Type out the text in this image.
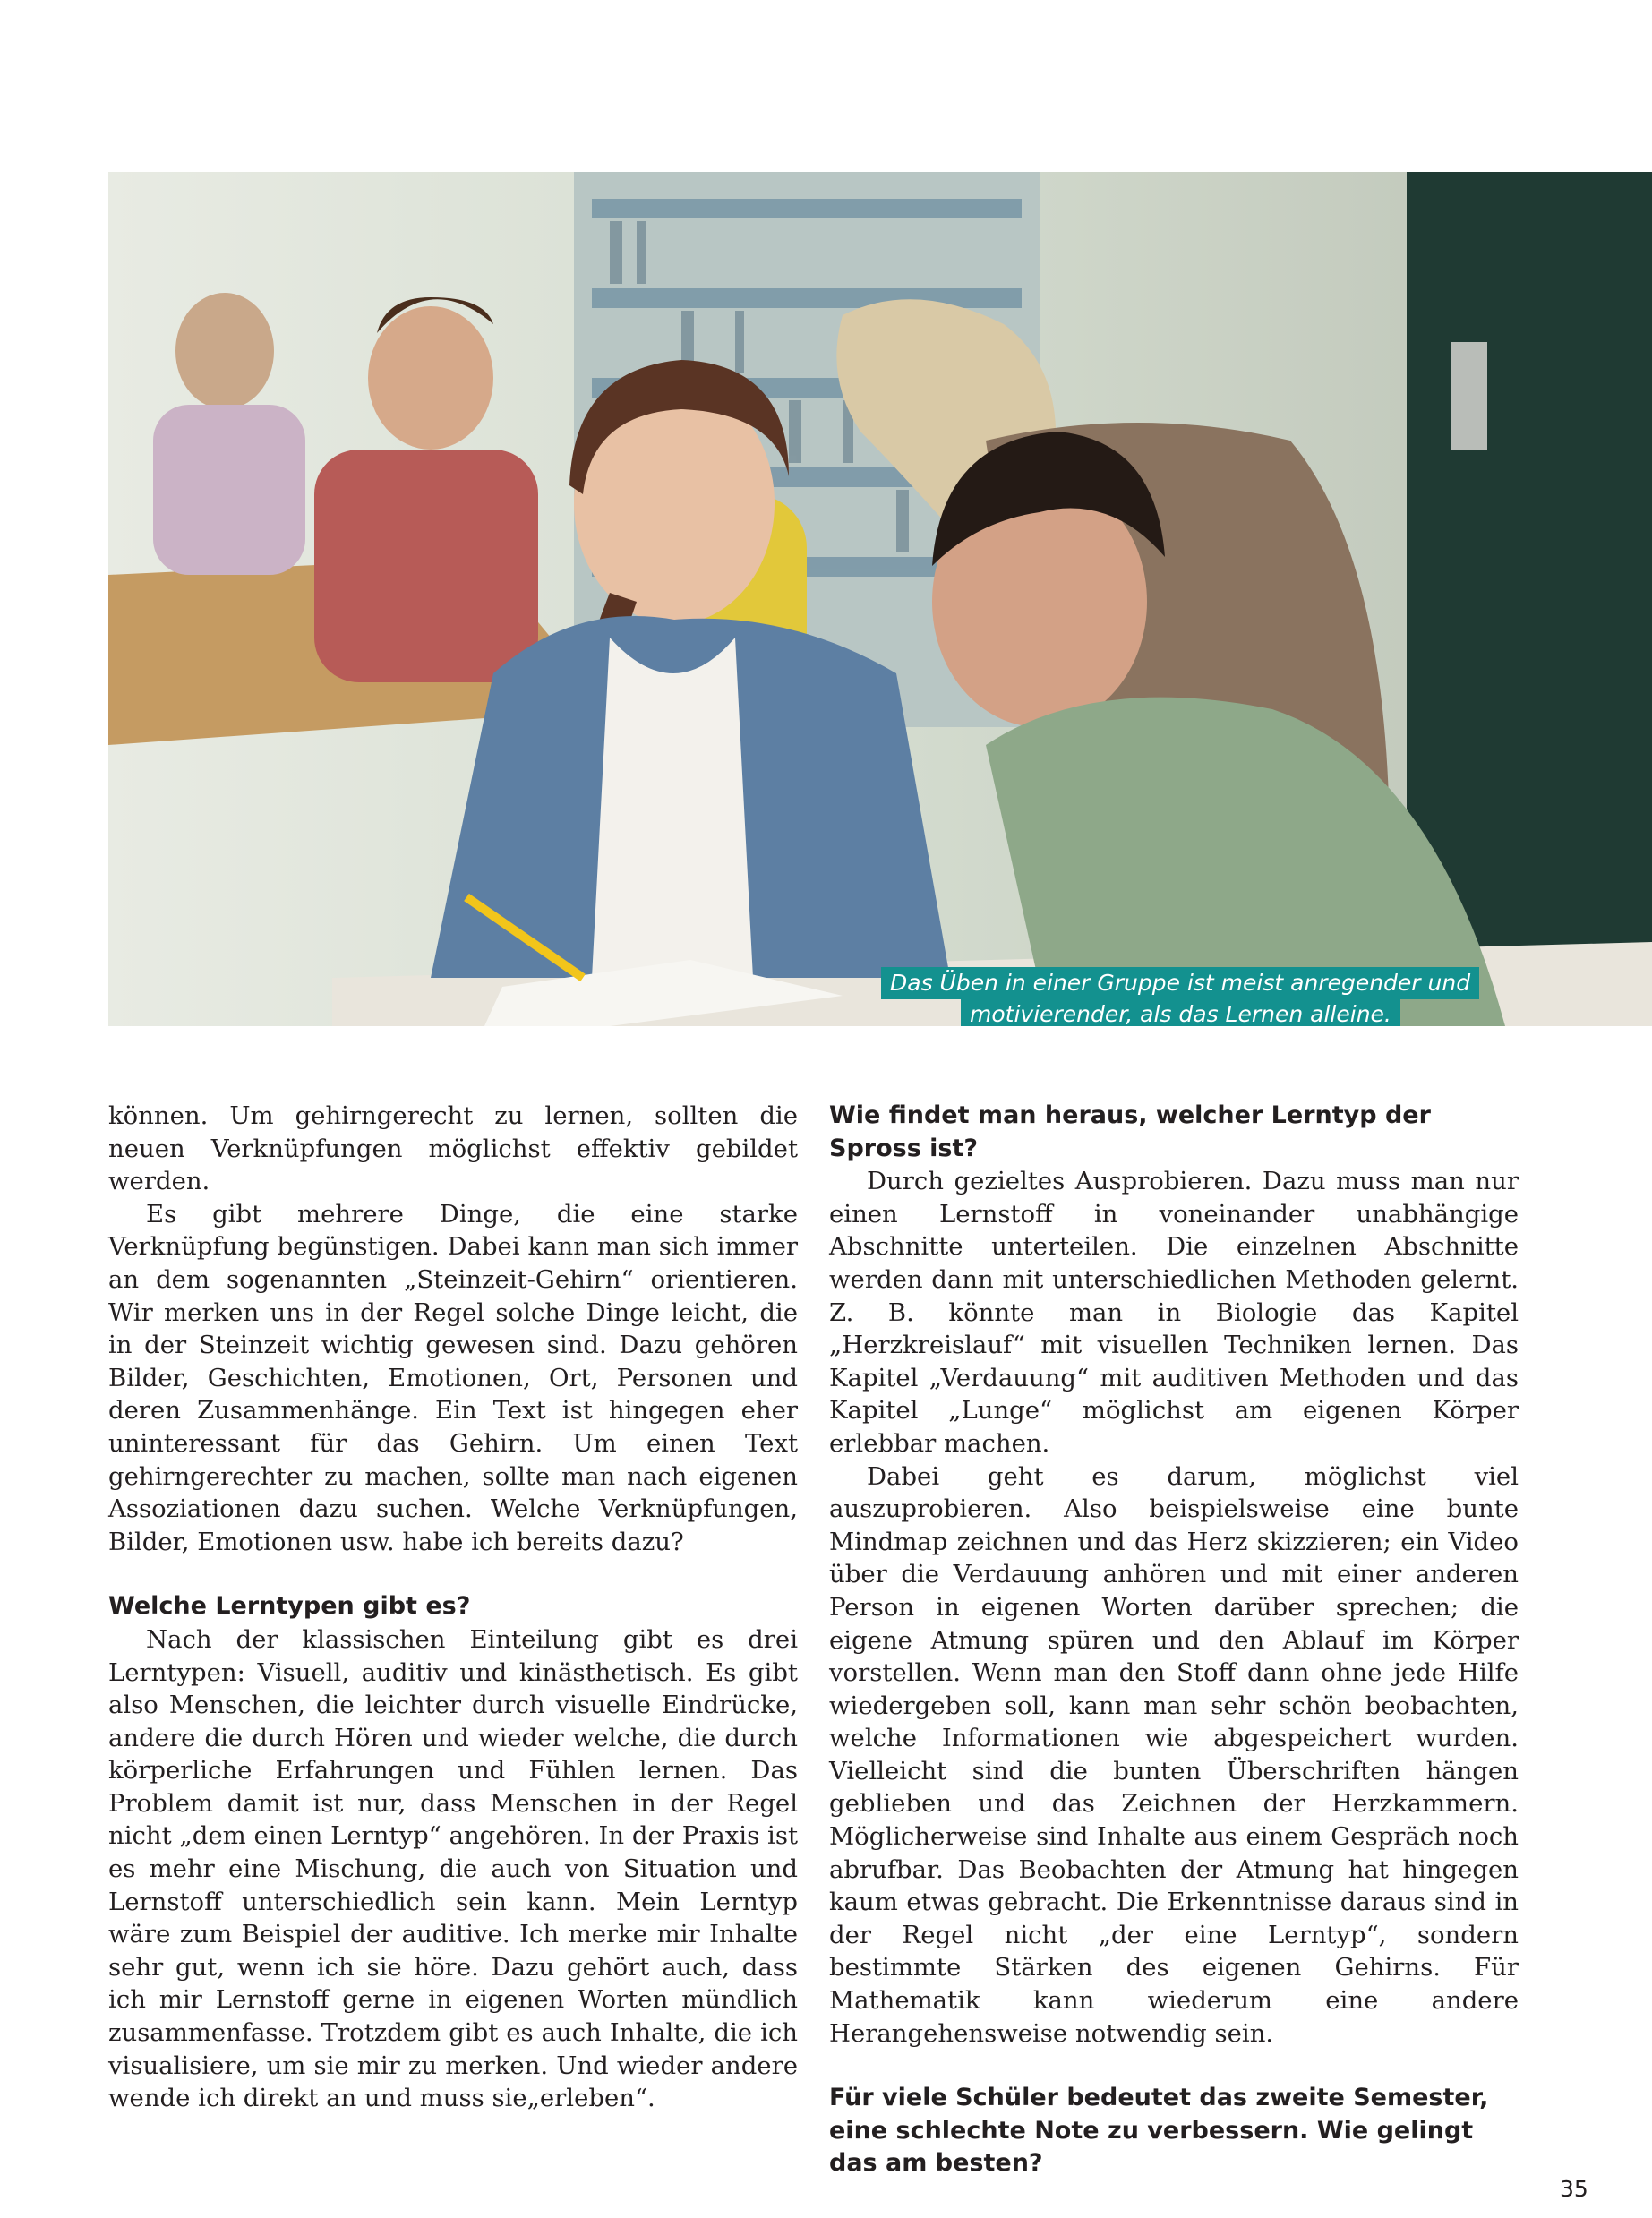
Das Üben in einer Gruppe ist meist anregender und
motivierender, als das Lernen alleine.

können. Um gehirngerecht zu lernen, sollten die neuen Verknüpfungen möglichst effektiv gebildet werden.

Es gibt mehrere Dinge, die eine starke Verknüpfung begünstigen. Dabei kann man sich immer an dem sogenannten „Steinzeit-Gehirn“ orientieren. Wir merken uns in der Regel solche Dinge leicht, die in der Steinzeit wichtig gewesen sind. Dazu gehören Bilder, Geschichten, Emotionen, Ort, Personen und deren Zusammenhänge. Ein Text ist hingegen eher uninteressant für das Gehirn. Um einen Text gehirngerechter zu machen, sollte man nach eigenen Assoziationen dazu suchen. Welche Verknüpfungen, Bilder, Emotionen usw. habe ich bereits dazu?

Welche Lerntypen gibt es?

Nach der klassischen Einteilung gibt es drei Lerntypen: Visuell, auditiv und kinästhetisch. Es gibt also Menschen, die leichter durch visuelle Eindrücke, andere die durch Hören und wieder welche, die durch körperliche Erfahrungen und Fühlen lernen. Das Problem damit ist nur, dass Menschen in der Regel nicht „dem einen Lerntyp“ angehören. In der Praxis ist es mehr eine Mischung, die auch von Situation und Lernstoff unterschiedlich sein kann. Mein Lerntyp wäre zum Beispiel der auditive. Ich merke mir Inhalte sehr gut, wenn ich sie höre. Dazu gehört auch, dass ich mir Lernstoff gerne in eigenen Worten mündlich zusammenfasse. Trotzdem gibt es auch Inhalte, die ich visualisiere, um sie mir zu merken. Und wieder andere wende ich direkt an und muss sie„erleben“.

Wie findet man heraus, welcher Lerntyp der Spross ist?

Durch gezieltes Ausprobieren. Dazu muss man nur einen Lernstoff in voneinander unabhängige Abschnitte unterteilen. Die einzelnen Abschnitte werden dann mit unterschiedlichen Methoden gelernt. Z. B. könnte man in Biologie das Kapitel „Herzkreislauf“ mit visuellen Techniken lernen. Das Kapitel „Verdauung“ mit auditiven Methoden und das Kapitel „Lunge“ möglichst am eigenen Körper erlebbar machen.

Dabei geht es darum, möglichst viel auszuprobieren. Also beispielsweise eine bunte Mindmap zeichnen und das Herz skizzieren; ein Video über die Verdauung anhören und mit einer anderen Person in eigenen Worten darüber sprechen; die eigene Atmung spüren und den Ablauf im Körper vorstellen. Wenn man den Stoff dann ohne jede Hilfe wiedergeben soll, kann man sehr schön beobachten, welche Informationen wie abgespeichert wurden. Vielleicht sind die bunten Überschriften hängen geblieben und das Zeichnen der Herzkammern. Möglicherweise sind Inhalte aus einem Gespräch noch abrufbar. Das Beobachten der Atmung hat hingegen kaum etwas gebracht. Die Erkenntnisse daraus sind in der Regel nicht „der eine Lerntyp“, sondern bestimmte Stärken des eigenen Gehirns. Für Mathematik kann wiederum eine andere Herangehensweise notwendig sein.

Für viele Schüler bedeutet das zweite Semester, eine schlechte Note zu verbessern. Wie gelingt das am besten?
35
